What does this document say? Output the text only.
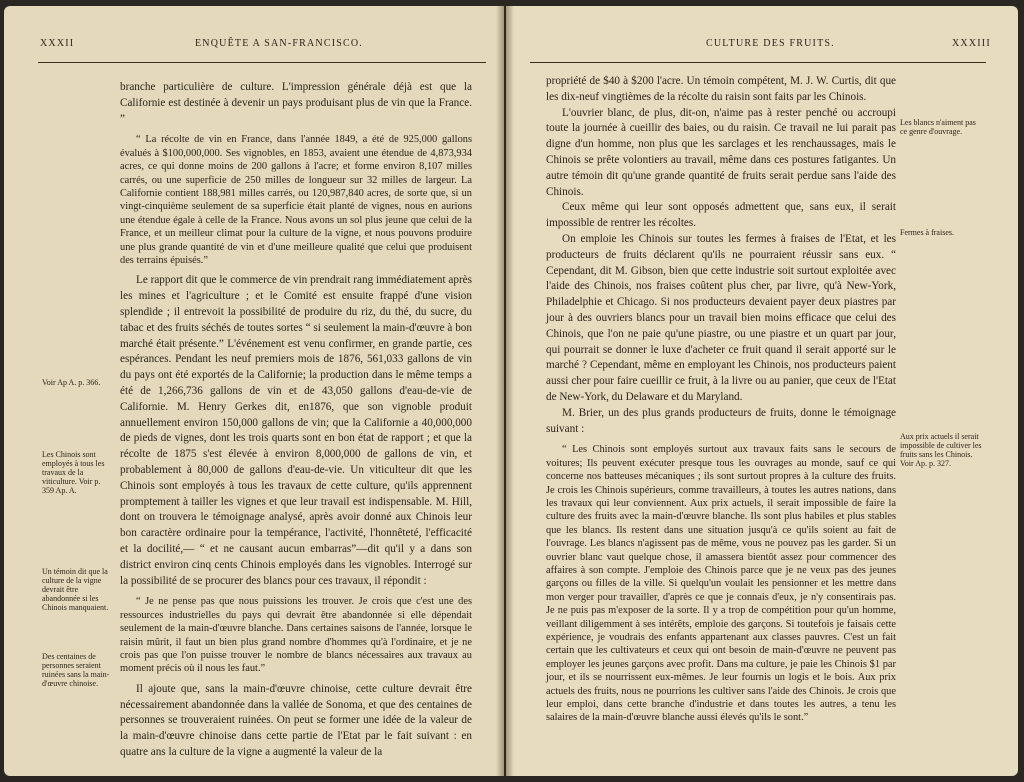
XXXII	ENQUÊTE A SAN-FRANCISCO.

branche particulière de culture. L'impression générale déjà est que la Californie est destinée à devenir un pays produisant plus de vin que la France. ”

“ La récolte de vin en France, dans l'année 1849, a été de 925,000 gallons évalués à $100,000,000. Ses vignobles, en 1853, avaient une étendue de 4,873,934 acres, ce qui donne moins de 200 gallons à l'acre; et forme environ 8,107 milles carrés, ou une superficie de 250 milles de longueur sur 32 milles de largeur. La Californie contient 188,981 milles carrés, ou 120,987,840 acres, de sorte que, si un vingt-cinquième seulement de sa superficie était planté de vignes, nous en aurions une étendue égale à celle de la France. Nous avons un sol plus jeune que celui de la France, et un meilleur climat pour la culture de la vigne, et nous pouvons produire une plus grande quantité de vin et d'une meilleure qualité que celui que produisent des terrains épuisés.”

Le rapport dit que le commerce de vin prendrait rang immédiatement après les mines et l'agriculture ; et le Comité est ensuite frappé d'une vision splendide ; il entrevoit la possibilité de produire du riz, du thé, du sucre, du tabac et des fruits séchés de toutes sortes “ si seulement la main-d'œuvre à bon marché était présente.” L'événement est venu confirmer, en grande partie, ces espérances. Pendant les neuf premiers mois de 1876, 561,033 gallons de vin du pays ont été exportés de la Californie; la production dans le même temps a été de 1,266,736 gallons de vin et de 43,050 gallons d'eau-de-vie de Californie. M. Henry Gerkes dit, en1876, que son vignoble produit annuellement environ 150,000 gallons de vin; que la Californie a 40,000,000 de pieds de vignes, dont les trois quarts sont en bon état de rapport ; et que la récolte de 1875 s'est élevée à environ 8,000,000 de gallons de vin, et probablement à 80,000 de gallons d'eau-de-vie. Un viticulteur dit que les Chinois sont employés à tous les travaux de cette culture, qu'ils apprennent promptement à tailler les vignes et que leur travail est indispensable. M. Hill, dont on trouvera le témoignage analysé, après avoir donné aux Chinois leur bon caractère ordinaire pour la tempérance, l'activité, l'honnêteté, l'efficacité et la docilité,— “ et ne causant aucun embarras”—dit qu'il y a dans son district environ cinq cents Chinois employés dans les vignobles. Interrogé sur la possibilité de se procurer des blancs pour ces travaux, il répondit :

“ Je ne pense pas que nous puissions les trouver. Je crois que c'est une des ressources industrielles du pays qui devrait être abandonnée si elle dépendait seulement de la main-d'œuvre blanche. Dans certaines saisons de l'année, lorsque le raisin mûrit, il faut un bien plus grand nombre d'hommes qu'à l'ordinaire, et je ne crois pas que l'on puisse trouver le nombre de blancs nécessaires aux travaux au moment précis où il nous les faut.”

Il ajoute que, sans la main-d'œuvre chinoise, cette culture devrait être nécessairement abandonnée dans la vallée de Sonoma, et que des centaines de personnes se trouveraient ruinées. On peut se former une idée de la valeur de la main-d'œuvre chinoise dans cette partie de l'Etat par le fait suivant : en quatre ans la culture de la vigne a augmenté la valeur de la

Voir Ap A. p. 366.
Les Chinois sont employés à tous les travaux de la viticulture. Voir p. 359 Ap. A.
Un témoin dit que la culture de la vigne devrait être abandonnée si les Chinois manquaient.
Des centaines de personnes seraient ruinées sans la main-d'œuvre chinoise.
CULTURE DES FRUITS.	XXXIII

propriété de $40 à $200 l'acre. Un témoin compétent, M. J. W. Curtis, dit que les dix-neuf vingtièmes de la récolte du raisin sont faits par les Chinois.

L'ouvrier blanc, de plus, dit-on, n'aime pas à rester penché ou accroupi toute la journée à cueillir des baies, ou du raisin. Ce travail ne lui parait pas digne d'un homme, non plus que les sarclages et les renchaussages, mais le Chinois se prête volontiers au travail, même dans ces postures fatigantes. Un autre témoin dit qu'une grande quantité de fruits serait perdue sans l'aide des Chinois.

Ceux même qui leur sont opposés admettent que, sans eux, il serait impossible de rentrer les récoltes.

On emploie les Chinois sur toutes les fermes à fraises de l'Etat, et les producteurs de fruits déclarent qu'ils ne pourraient réussir sans eux. “ Cependant, dit M. Gibson, bien que cette industrie soit surtout exploitée avec l'aide des Chinois, nos fraises coûtent plus cher, par livre, qu'à New-York, Philadelphie et Chicago. Si nos producteurs devaient payer deux piastres par jour à des ouvriers blancs pour un travail bien moins efficace que celui des Chinois, que l'on ne paie qu'une piastre, ou une piastre et un quart par jour, qui pourrait se donner le luxe d'acheter ce fruit quand il serait apporté sur le marché ? Cependant, même en employant les Chinois, nos producteurs paient aussi cher pour faire cueillir ce fruit, à la livre ou au panier, que ceux de l'Etat de New-York, du Delaware et du Maryland.

M. Brier, un des plus grands producteurs de fruits, donne le témoignage suivant :

“ Les Chinois sont employés surtout aux travaux faits sans le secours de voitures; Ils peuvent exécuter presque tous les ouvrages au monde, sauf ce qui concerne nos batteuses mécaniques ; ils sont surtout propres à la culture des fruits. Je crois les Chinois supérieurs, comme travailleurs, à toutes les autres nations, dans les travaux qui leur conviennent. Aux prix actuels, il serait impossible de faire la culture des fruits avec la main-d'œuvre blanche. Ils sont plus habiles et plus stables que les blancs. Ils restent dans une situation jusqu'à ce qu'ils soient au fait de l'ouvrage. Les blancs n'agissent pas de même, vous ne pouvez pas les garder. Si un ouvrier blanc vaut quelque chose, il amassera bientôt assez pour commencer des affaires à son compte. J'emploie des Chinois parce que je ne veux pas des jeunes garçons ou filles de la ville. Si quelqu'un voulait les pensionner et les mettre dans mon verger pour travailler, d'après ce que je connais d'eux, je n'y consentirais pas. Je ne puis pas m'exposer de la sorte. Il y a trop de compétition pour qu'un homme, veillant diligemment à ses intérêts, emploie des garçons. Si toutefois je faisais cette expérience, je voudrais des enfants appartenant aux classes pauvres. C'est un fait certain que les cultivateurs et ceux qui ont besoin de main-d'œuvre ne peuvent pas employer les jeunes garçons avec profit. Dans ma culture, je paie les Chinois $1 par jour, et ils se nourrissent eux-mêmes. Je leur fournis un logis et le bois. Aux prix actuels des fruits, nous ne pourrions les cultiver sans l'aide des Chinois. Je crois que leur emploi, dans cette branche d'industrie et dans toutes les autres, a tenu les salaires de la main-d'œuvre blanche aussi élevés qu'ils le sont.”

Les blancs n'aiment pas ce genre d'ouvrage.
Fermes à fraises.
Aux prix actuels il serait impossible de cultiver les fruits sans les Chinois. Voir Ap. p. 327.
